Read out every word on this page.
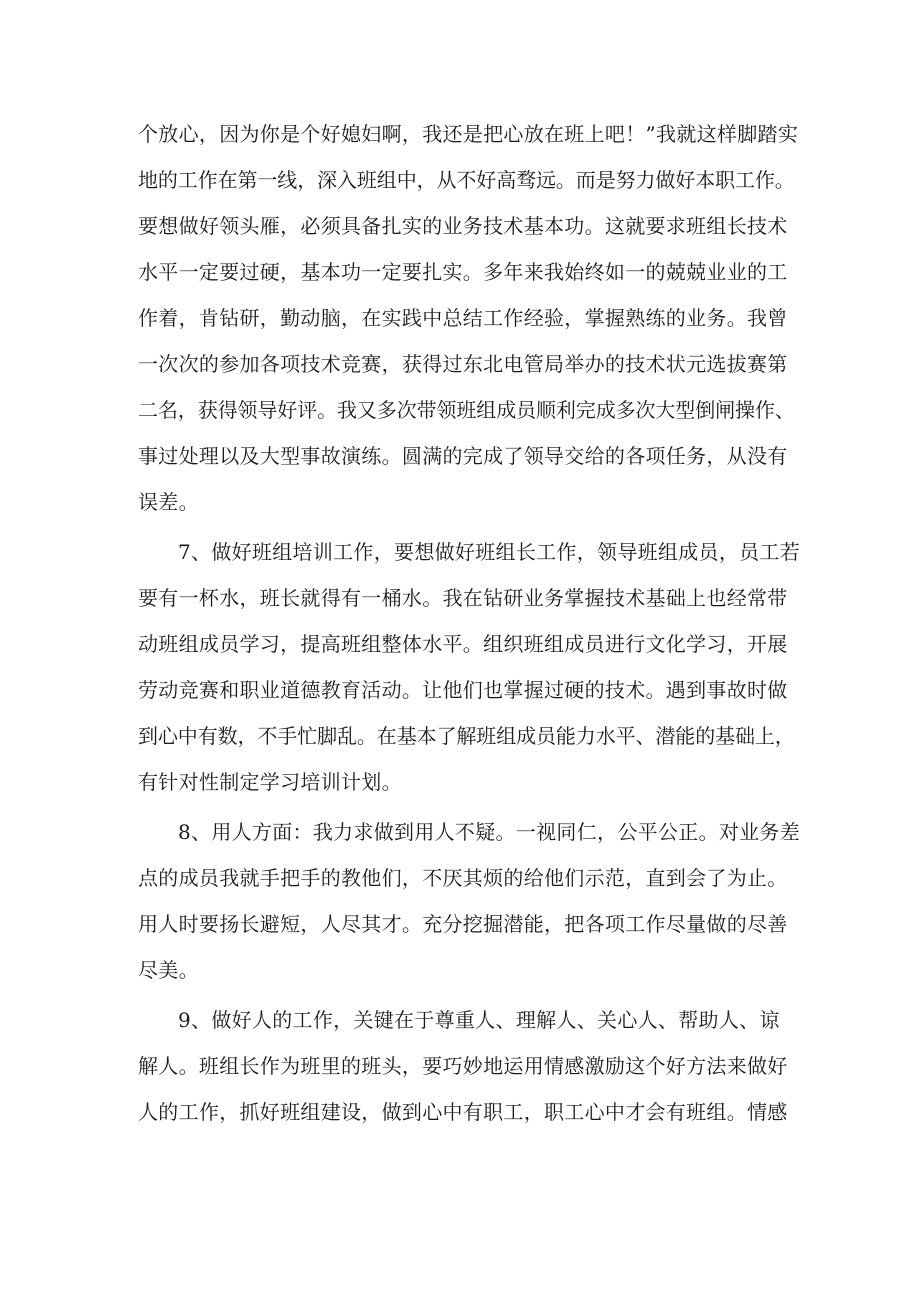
个放心，因为你是个好媳妇啊，我还是把心放在班上吧！”我就这样脚踏实
地的工作在第一线，深入班组中，从不好高骛远。而是努力做好本职工作。
要想做好领头雁，必须具备扎实的业务技术基本功。这就要求班组长技术
水平一定要过硬，基本功一定要扎实。多年来我始终如一的兢兢业业的工
作着，肯钻研，勤动脑，在实践中总结工作经验，掌握熟练的业务。我曾
一次次的参加各项技术竞赛，获得过东北电管局举办的技术状元选拔赛第
二名，获得领导好评。我又多次带领班组成员顺利完成多次大型倒闸操作、
事过处理以及大型事故演练。圆满的完成了领导交给的各项任务，从没有
误差。
7、做好班组培训工作，要想做好班组长工作，领导班组成员，员工若
要有一杯水，班长就得有一桶水。我在钻研业务掌握技术基础上也经常带
动班组成员学习，提高班组整体水平。组织班组成员进行文化学习，开展
劳动竞赛和职业道德教育活动。让他们也掌握过硬的技术。遇到事故时做
到心中有数，不手忙脚乱。在基本了解班组成员能力水平、潜能的基础上，
有针对性制定学习培训计划。
8、用人方面：我力求做到用人不疑。一视同仁，公平公正。对业务差
点的成员我就手把手的教他们，不厌其烦的给他们示范，直到会了为止。
用人时要扬长避短，人尽其才。充分挖掘潜能，把各项工作尽量做的尽善
尽美。
9、做好人的工作，关键在于尊重人、理解人、关心人、帮助人、谅
解人。班组长作为班里的班头，要巧妙地运用情感激励这个好方法来做好
人的工作，抓好班组建设，做到心中有职工，职工心中才会有班组。情感
